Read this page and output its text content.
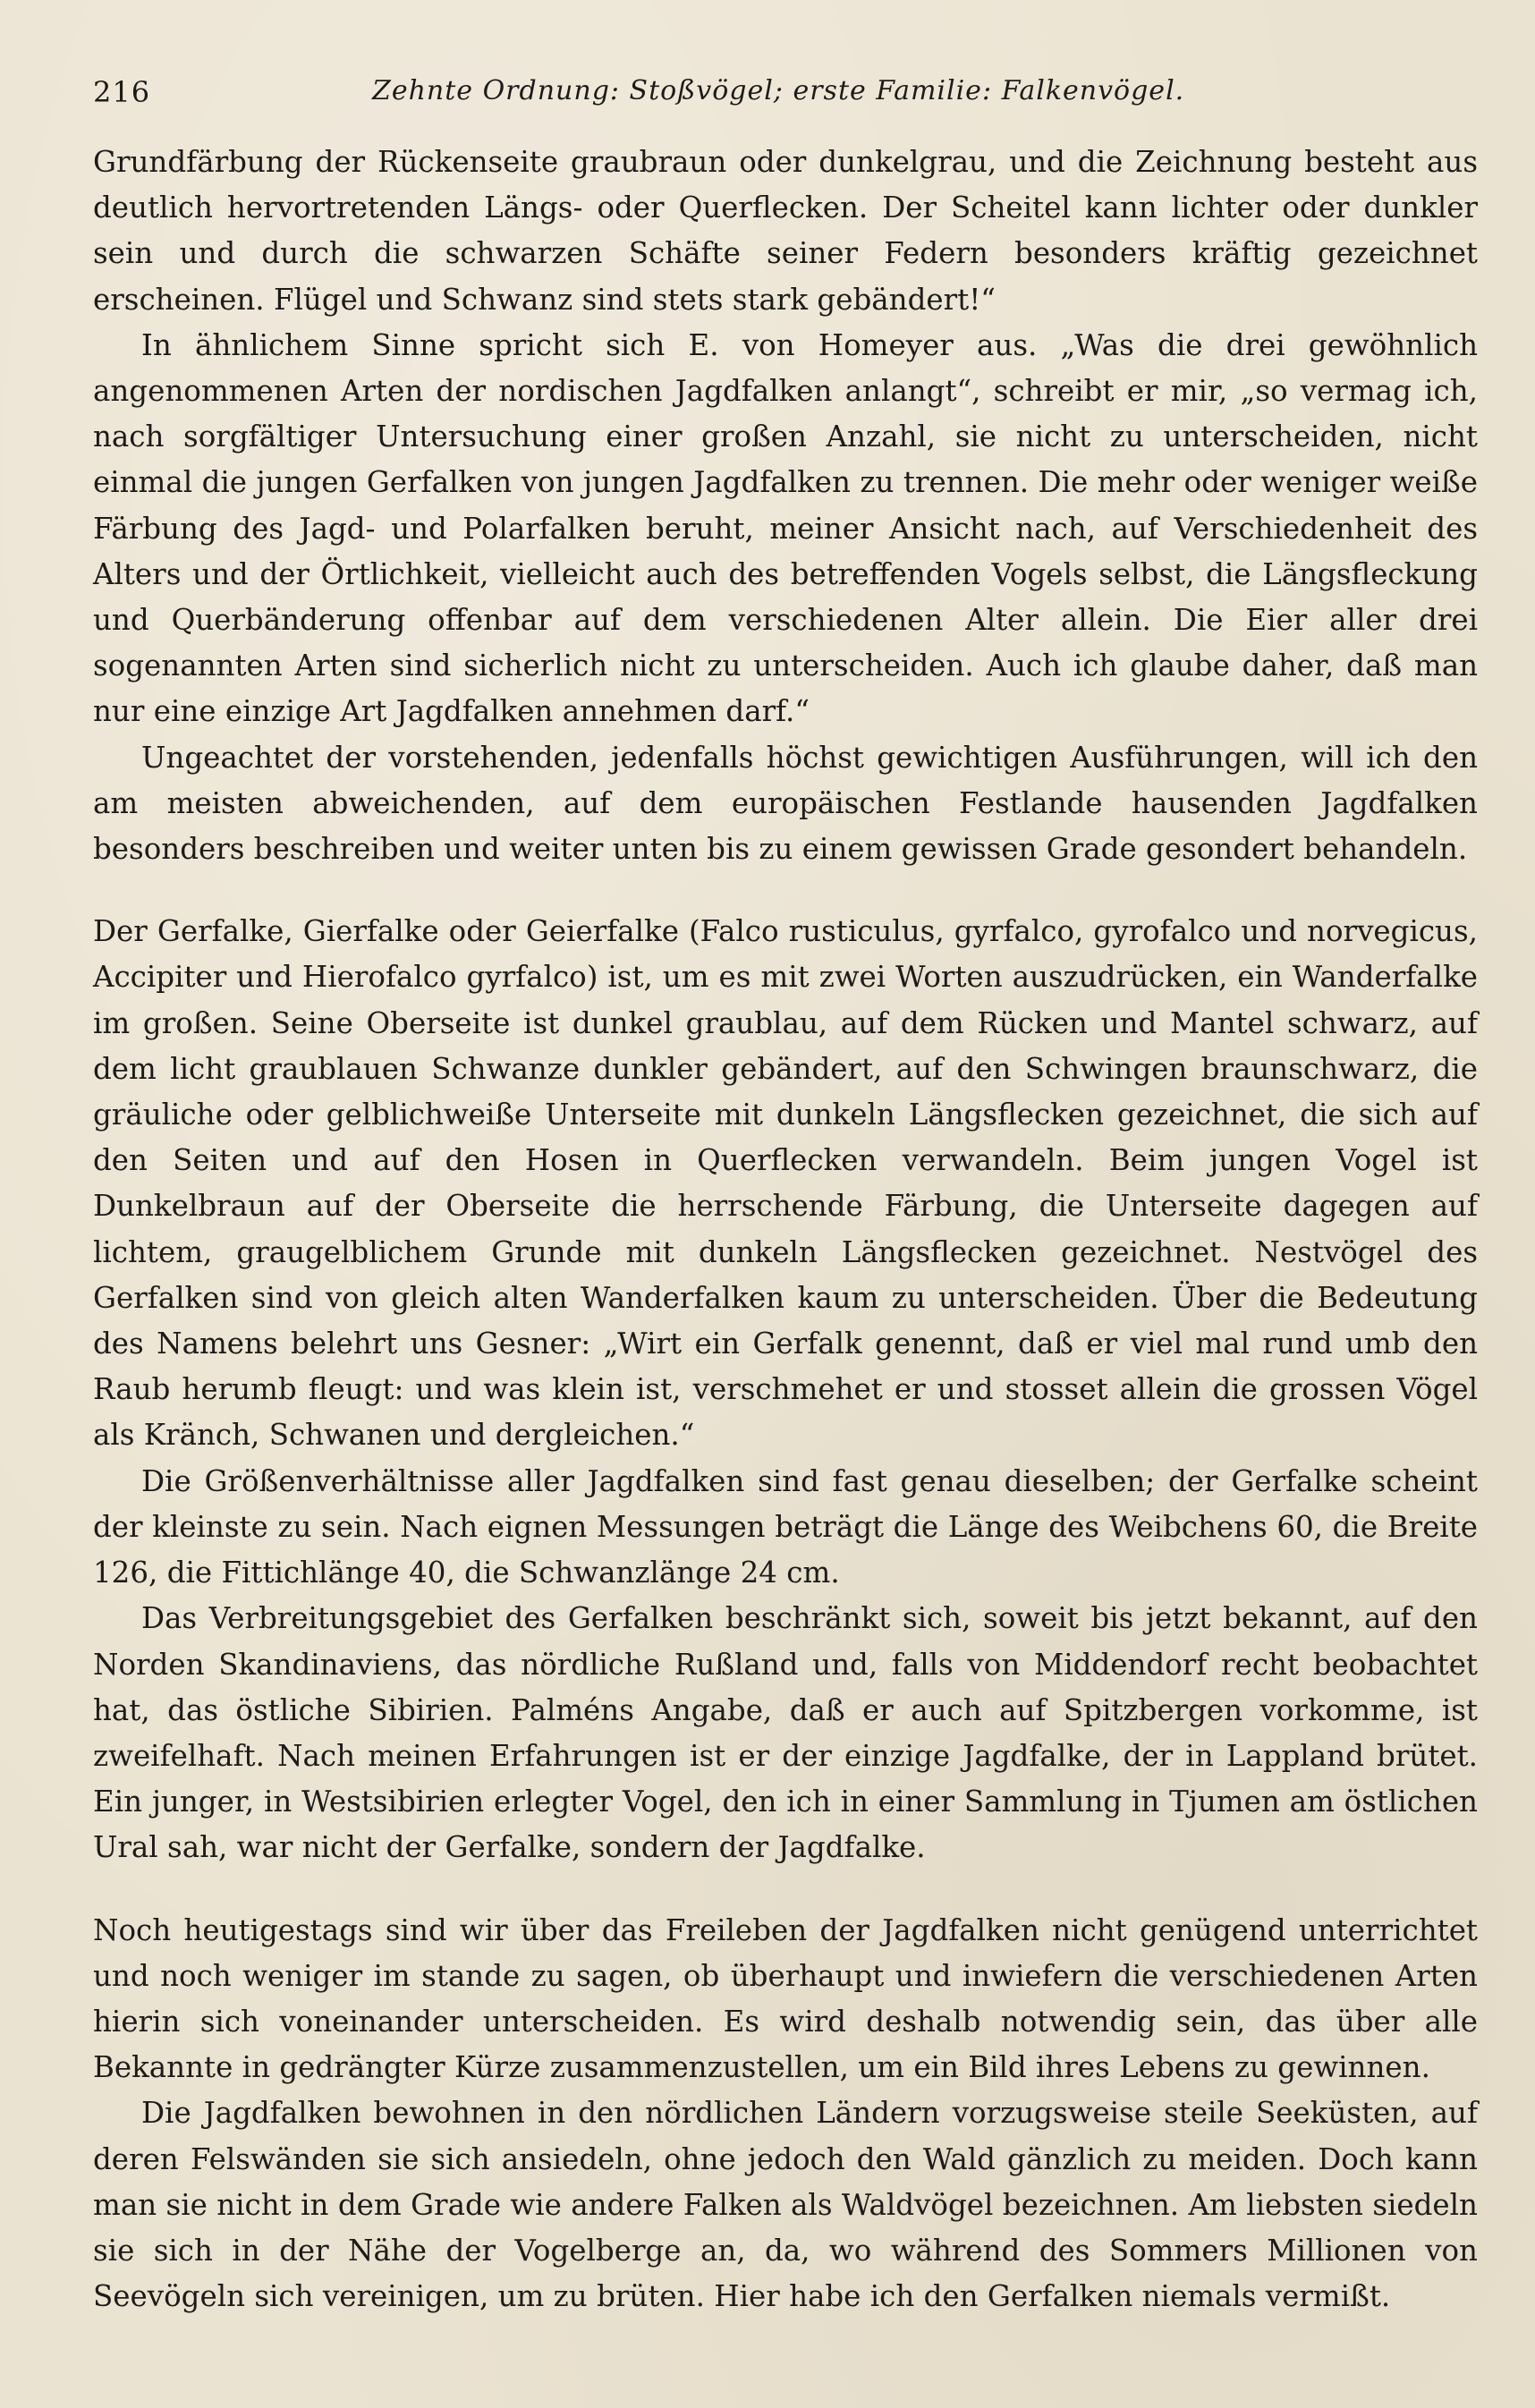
216	Zehnte Ordnung: Stoßvögel; erste Familie: Falkenvögel.

Grundfärbung der Rückenseite graubraun oder dunkelgrau, und die Zeichnung besteht aus deutlich hervortretenden Längs- oder Querflecken. Der Scheitel kann lichter oder dunkler sein und durch die schwarzen Schäfte seiner Federn besonders kräftig gezeichnet erscheinen. Flügel und Schwanz sind stets stark gebändert!“

In ähnlichem Sinne spricht sich E. von Homeyer aus. „Was die drei gewöhnlich angenommenen Arten der nordischen Jagdfalken anlangt“, schreibt er mir, „so vermag ich, nach sorgfältiger Untersuchung einer großen Anzahl, sie nicht zu unterscheiden, nicht einmal die jungen Gerfalken von jungen Jagdfalken zu trennen. Die mehr oder weniger weiße Färbung des Jagd- und Polarfalken beruht, meiner Ansicht nach, auf Verschiedenheit des Alters und der Örtlichkeit, vielleicht auch des betreffenden Vogels selbst, die Längsfleckung und Querbänderung offenbar auf dem verschiedenen Alter allein. Die Eier aller drei sogenannten Arten sind sicherlich nicht zu unterscheiden. Auch ich glaube daher, daß man nur eine einzige Art Jagdfalken annehmen darf.“

Ungeachtet der vorstehenden, jedenfalls höchst gewichtigen Ausführungen, will ich den am meisten abweichenden, auf dem europäischen Festlande hausenden Jagdfalken besonders beschreiben und weiter unten bis zu einem gewissen Grade gesondert behandeln.

Der Gerfalke, Gierfalke oder Geierfalke (Falco rusticulus, gyrfalco, gyrofalco und norvegicus, Accipiter und Hierofalco gyrfalco) ist, um es mit zwei Worten auszudrücken, ein Wanderfalke im großen. Seine Oberseite ist dunkel graublau, auf dem Rücken und Mantel schwarz, auf dem licht graublauen Schwanze dunkler gebändert, auf den Schwingen braunschwarz, die gräuliche oder gelblichweiße Unterseite mit dunkeln Längsflecken gezeichnet, die sich auf den Seiten und auf den Hosen in Querflecken verwandeln. Beim jungen Vogel ist Dunkelbraun auf der Oberseite die herrschende Färbung, die Unterseite dagegen auf lichtem, graugelblichem Grunde mit dunkeln Längsflecken gezeichnet. Nestvögel des Gerfalken sind von gleich alten Wanderfalken kaum zu unterscheiden. Über die Bedeutung des Namens belehrt uns Gesner: „Wirt ein Gerfalk genennt, daß er viel mal rund umb den Raub herumb fleugt: und was klein ist, verschmehet er und stosset allein die grossen Vögel als Kränch, Schwanen und dergleichen.“

Die Größenverhältnisse aller Jagdfalken sind fast genau dieselben; der Gerfalke scheint der kleinste zu sein. Nach eignen Messungen beträgt die Länge des Weibchens 60, die Breite 126, die Fittichlänge 40, die Schwanzlänge 24 cm.

Das Verbreitungsgebiet des Gerfalken beschränkt sich, soweit bis jetzt bekannt, auf den Norden Skandinaviens, das nördliche Rußland und, falls von Middendorf recht beobachtet hat, das östliche Sibirien. Palméns Angabe, daß er auch auf Spitzbergen vorkomme, ist zweifelhaft. Nach meinen Erfahrungen ist er der einzige Jagdfalke, der in Lappland brütet. Ein junger, in Westsibirien erlegter Vogel, den ich in einer Sammlung in Tjumen am östlichen Ural sah, war nicht der Gerfalke, sondern der Jagdfalke.

Noch heutigestags sind wir über das Freileben der Jagdfalken nicht genügend unterrichtet und noch weniger im stande zu sagen, ob überhaupt und inwiefern die verschiedenen Arten hierin sich voneinander unterscheiden. Es wird deshalb notwendig sein, das über alle Bekannte in gedrängter Kürze zusammenzustellen, um ein Bild ihres Lebens zu gewinnen.

Die Jagdfalken bewohnen in den nördlichen Ländern vorzugsweise steile Seeküsten, auf deren Felswänden sie sich ansiedeln, ohne jedoch den Wald gänzlich zu meiden. Doch kann man sie nicht in dem Grade wie andere Falken als Waldvögel bezeichnen. Am liebsten siedeln sie sich in der Nähe der Vogelberge an, da, wo während des Sommers Millionen von Seevögeln sich vereinigen, um zu brüten. Hier habe ich den Gerfalken niemals vermißt.
